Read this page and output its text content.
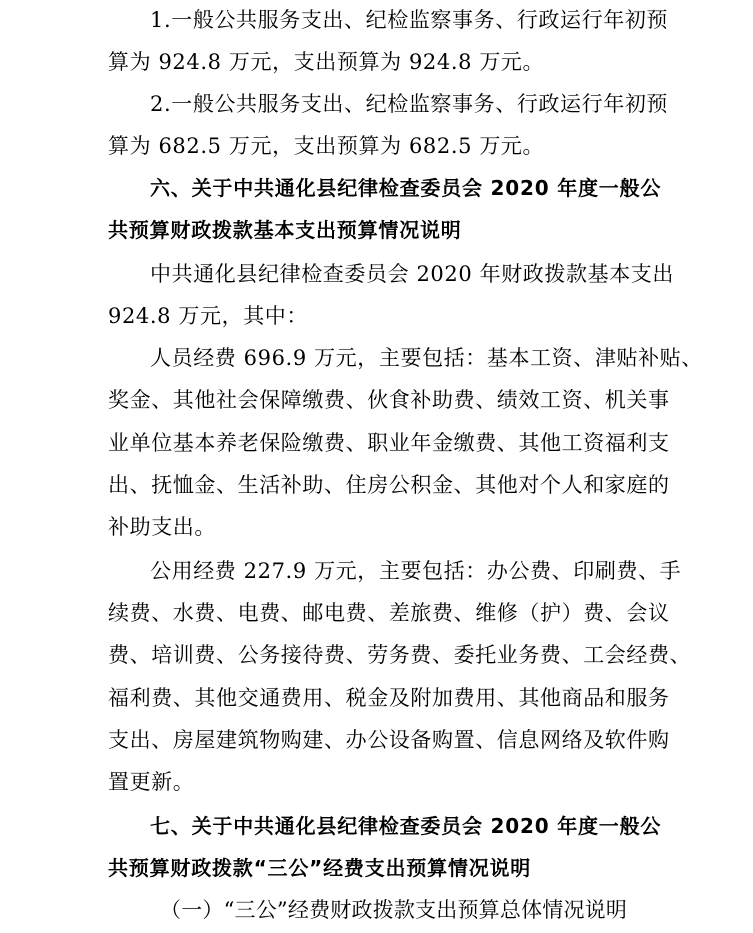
1.一般公共服务支出、纪检监察事务、行政运行年初预
算为 924.8 万元，支出预算为 924.8 万元。
2.一般公共服务支出、纪检监察事务、行政运行年初预
算为 682.5 万元，支出预算为 682.5 万元。
六、关于中共通化县纪律检查委员会 2020 年度一般公
共预算财政拨款基本支出预算情况说明
中共通化县纪律检查委员会 2020 年财政拨款基本支出
924.8 万元，其中：
人员经费 696.9 万元，主要包括：基本工资、津贴补贴、
奖金、其他社会保障缴费、伙食补助费、绩效工资、机关事
业单位基本养老保险缴费、职业年金缴费、其他工资福利支
出、抚恤金、生活补助、住房公积金、其他对个人和家庭的
补助支出。
公用经费 227.9 万元，主要包括：办公费、印刷费、手
续费、水费、电费、邮电费、差旅费、维修（护）费、会议
费、培训费、公务接待费、劳务费、委托业务费、工会经费、
福利费、其他交通费用、税金及附加费用、其他商品和服务
支出、房屋建筑物购建、办公设备购置、信息网络及软件购
置更新。
七、关于中共通化县纪律检查委员会 2020 年度一般公
共预算财政拨款“三公”经费支出预算情况说明
（一）“三公”经费财政拨款支出预算总体情况说明
